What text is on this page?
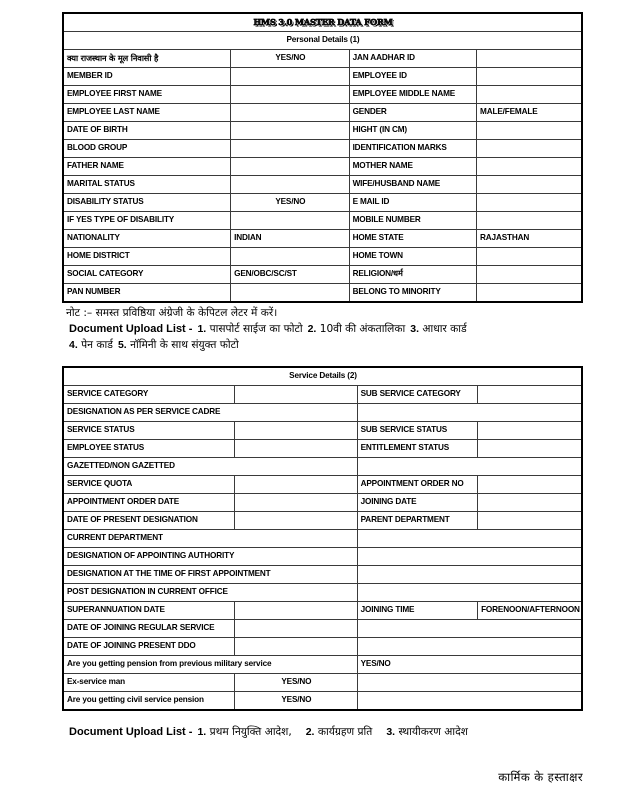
HMS 3.0 MASTER DATA FORM			
Personal Details (1)			
क्या राजस्थान के मूल निवासी है	YES/NO	JAN AADHAR ID	
MEMBER ID		EMPLOYEE ID	
EMPLOYEE FIRST NAME		EMPLOYEE MIDDLE NAME	
EMPLOYEE LAST NAME		GENDER	MALE/FEMALE
DATE OF BIRTH		HIGHT (IN CM)	
BLOOD GROUP		IDENTIFICATION MARKS	
FATHER NAME		MOTHER NAME	
MARITAL STATUS		WIFE/HUSBAND NAME	
DISABILITY STATUS	YES/NO	E MAIL ID	
IF YES TYPE OF DISABILITY		MOBILE NUMBER	
NATIONALITY	INDIAN	HOME STATE	RAJASTHAN
HOME DISTRICT		HOME TOWN	
SOCIAL CATEGORY	GEN/OBC/SC/ST	RELIGION/धर्म	
PAN NUMBER		BELONG TO MINORITY	
नोट :– समस्त प्रविष्ठिया अंग्रेजी के केपिटल लेटर में करें।
Document Upload List - 1. पासपोर्ट साईज का फोटो 2. 10वी की अंकतालिका 3. आधार कार्ड
4. पेन कार्ड 5. नॉमिनी के साथ संयुक्त फोटो
Service Details (2)			
SERVICE CATEGORY		SUB SERVICE CATEGORY	
DESIGNATION AS PER SERVICE CADRE			
SERVICE STATUS		SUB SERVICE STATUS	
EMPLOYEE STATUS		ENTITLEMENT STATUS	
GAZETTED/NON GAZETTED			
SERVICE QUOTA		APPOINTMENT ORDER NO	
APPOINTMENT ORDER DATE		JOINING DATE	
DATE OF PRESENT DESIGNATION		PARENT DEPARTMENT	
CURRENT DEPARTMENT			
DESIGNATION OF APPOINTING AUTHORITY			
DESIGNATION AT THE TIME OF FIRST APPOINTMENT			
POST DESIGNATION IN CURRENT OFFICE			
SUPERANNUATION DATE		JOINING TIME	FORENOON/AFTERNOON
DATE OF JOINING REGULAR SERVICE			
DATE OF JOINING PRESENT DDO			
Are you getting pension from previous military service		YES/NO	
Ex-service man	YES/NO		
Are you getting civil service pension	YES/NO		
Document Upload List - 1. प्रथम नियुक्ति आदेश, 2. कार्यग्रहण प्रति 3. स्थायीकरण आदेश
कार्मिक के हस्ताक्षर
